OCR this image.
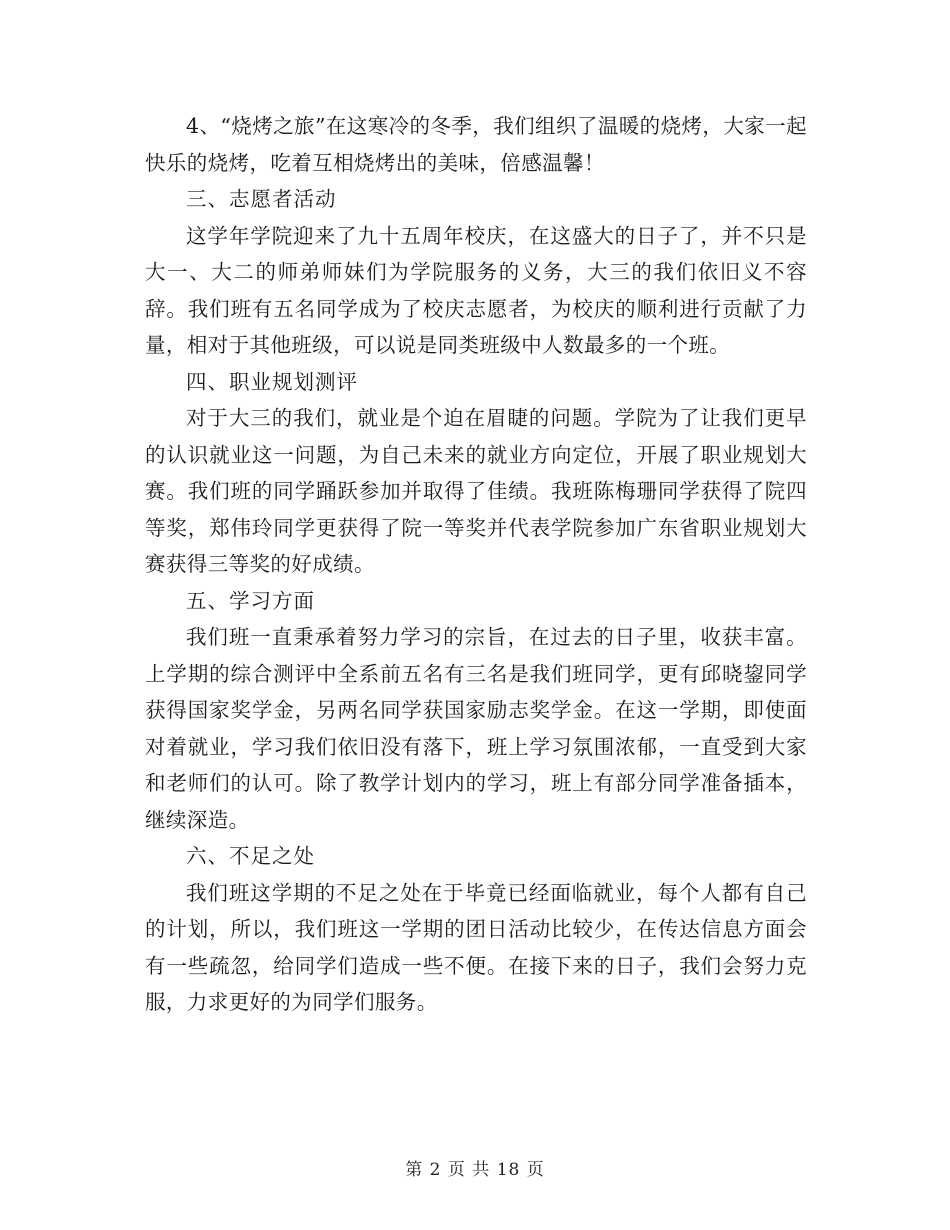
4、“烧烤之旅”在这寒冷的冬季，我们组织了温暖的烧烤，大家一起快乐的烧烤，吃着互相烧烤出的美味，倍感温馨！

三、志愿者活动

这学年学院迎来了九十五周年校庆，在这盛大的日子了，并不只是大一、大二的师弟师妹们为学院服务的义务，大三的我们依旧义不容辞。我们班有五名同学成为了校庆志愿者，为校庆的顺利进行贡献了力量，相对于其他班级，可以说是同类班级中人数最多的一个班。

四、职业规划测评

对于大三的我们，就业是个迫在眉睫的问题。学院为了让我们更早的认识就业这一问题，为自己未来的就业方向定位，开展了职业规划大赛。我们班的同学踊跃参加并取得了佳绩。我班陈梅珊同学获得了院四等奖，郑伟玲同学更获得了院一等奖并代表学院参加广东省职业规划大赛获得三等奖的好成绩。

五、学习方面

我们班一直秉承着努力学习的宗旨，在过去的日子里，收获丰富。上学期的综合测评中全系前五名有三名是我们班同学，更有邱晓鋆同学获得国家奖学金，另两名同学获国家励志奖学金。在这一学期，即使面对着就业，学习我们依旧没有落下，班上学习氛围浓郁，一直受到大家和老师们的认可。除了教学计划内的学习，班上有部分同学准备插本，继续深造。

六、不足之处

我们班这学期的不足之处在于毕竟已经面临就业，每个人都有自己的计划，所以，我们班这一学期的团日活动比较少，在传达信息方面会有一些疏忽，给同学们造成一些不便。在接下来的日子，我们会努力克服，力求更好的为同学们服务。

第 2 页 共 18 页
